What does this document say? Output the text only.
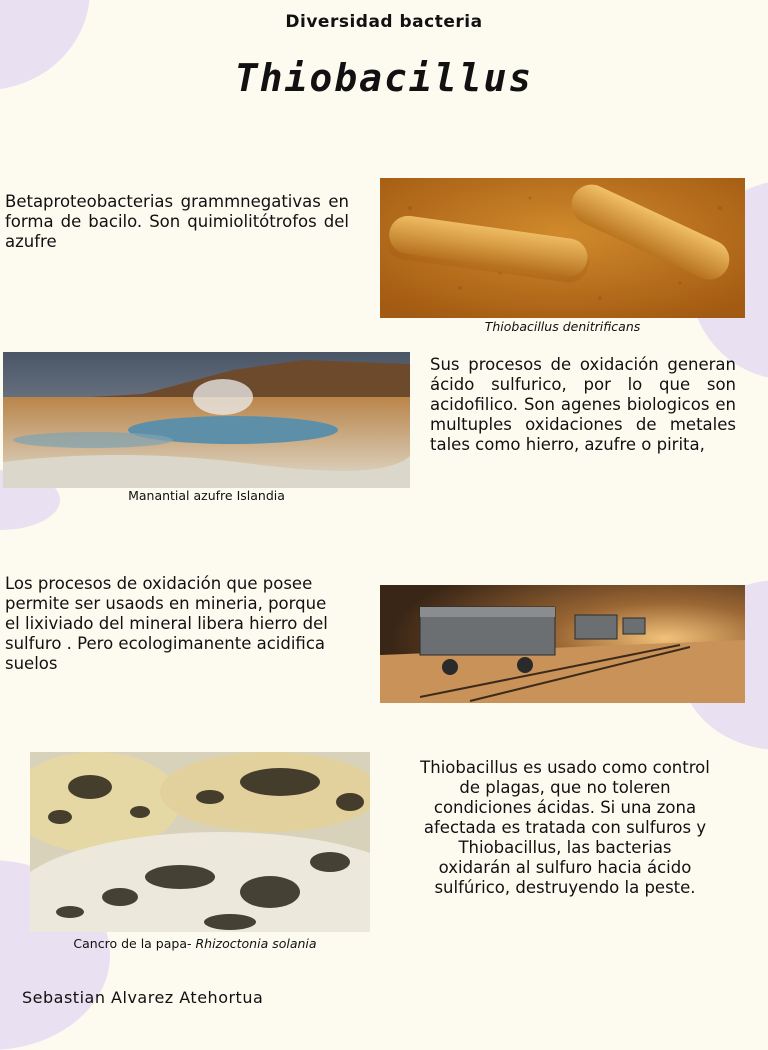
Diversidad bacteria
Thiobacillus
Betaproteobacterias grammnegativas en forma de bacilo. Son quimiolitótrofos del azufre
Thiobacillus denitrificans
Manantial azufre Islandia
Sus procesos de oxidación generan ácido sulfurico, por lo que son acidofilico. Son agenes biologicos en multuples oxidaciones de metales tales como hierro, azufre o pirita,
Los procesos de oxidación que posee permite ser usaods en mineria, porque el lixiviado del mineral libera hierro del sulfuro . Pero ecologimanente acidifica suelos
Cancro de la papa- Rhizoctonia solania
Thiobacillus es usado como control de plagas, que no toleren condiciones ácidas. Si una zona afectada es tratada con sulfuros y Thiobacillus, las bacterias oxidarán al sulfuro hacia ácido sulfúrico, destruyendo la peste.
Sebastian Alvarez Atehortua
